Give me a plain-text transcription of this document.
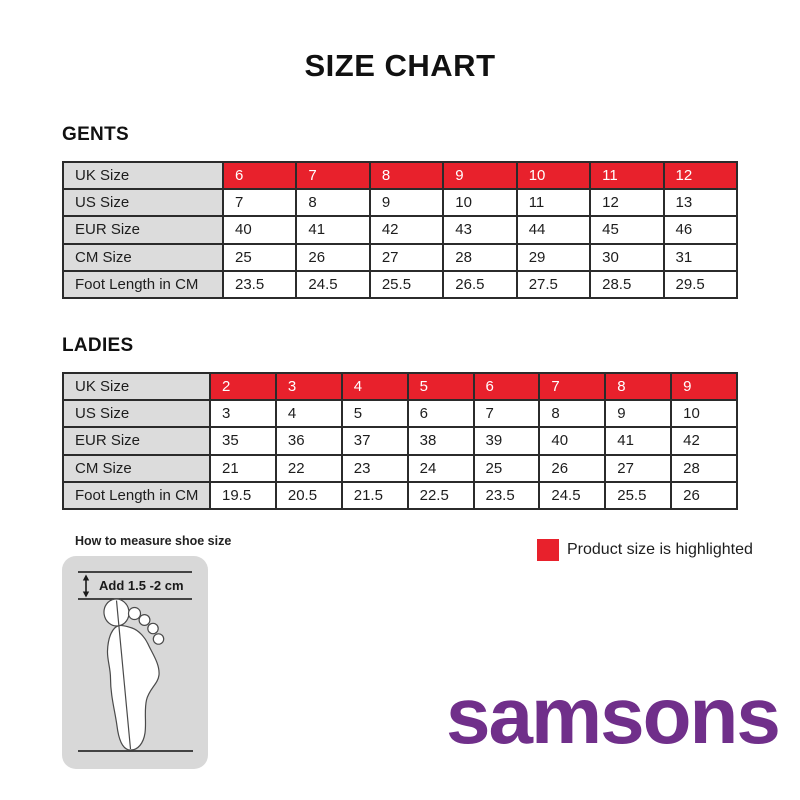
SIZE CHART
GENTS
UK Size	6	7	8	9	10	11	12
US Size	7	8	9	10	11	12	13
EUR Size	40	41	42	43	44	45	46
CM Size	25	26	27	28	29	30	31
Foot Length in CM	23.5	24.5	25.5	26.5	27.5	28.5	29.5
LADIES
UK Size	2	3	4	5	6	7	8	9
US Size	3	4	5	6	7	8	9	10
EUR Size	35	36	37	38	39	40	41	42
CM Size	21	22	23	24	25	26	27	28
Foot Length in CM	19.5	20.5	21.5	22.5	23.5	24.5	25.5	26
How to measure shoe size
Add 1.5 -2 cm
Product size is highlighted
samsons
